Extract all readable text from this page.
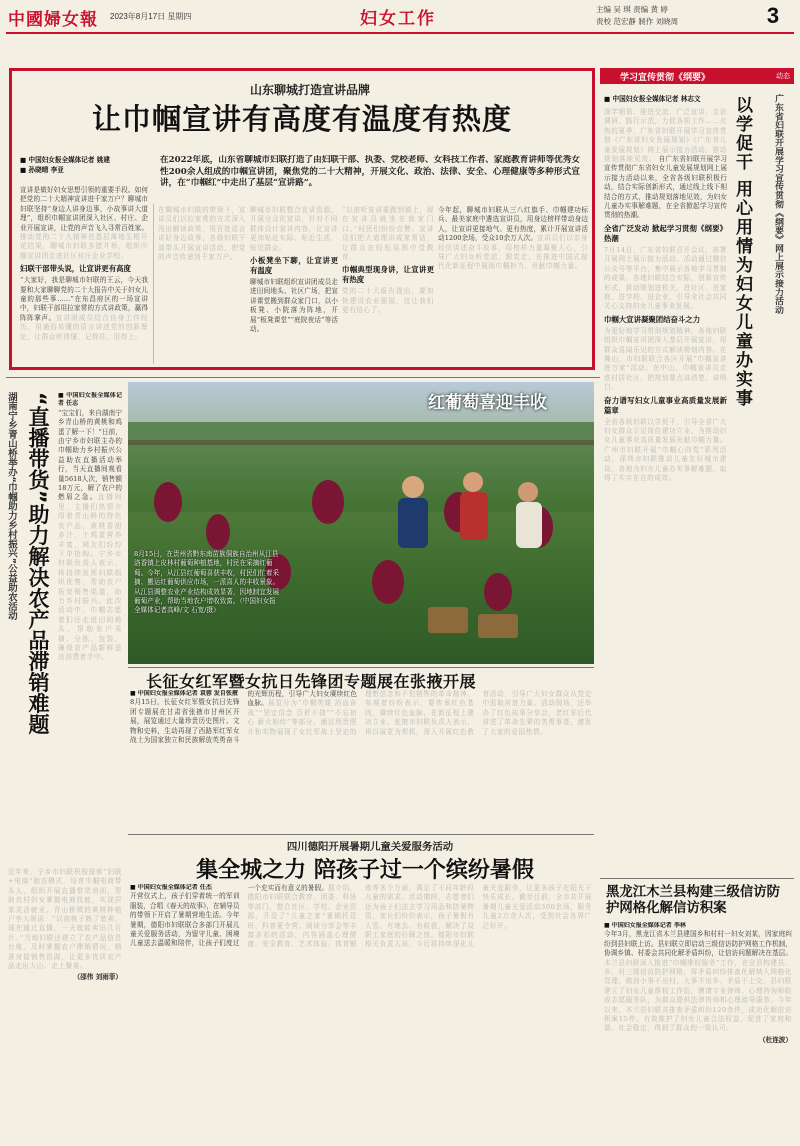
中國婦女報 2023年8月17日 星期四	妇女工作	主编 吴 琪 责编 黄 婷
责校 范宏静 制作 刘晓周	3
山东聊城打造宣讲品牌
让巾帼宣讲有高度有温度有热度
■ 中国妇女报全媒体记者 姚建
■ 孙晓晴 李亚
在2022年底，山东省聊城市妇联打造了由妇联干部、执委、党校老师、女科技工作者、家庭教育讲师等优秀女性200余人组成的巾帼宣讲团，聚焦党的二十大精神，开展文化、政治、法律、安全、心理健康等多种形式宣讲，在“巾帼红”中走出了基层“宣讲路”。
宣讲是做好妇女思想引领的重要手段。如何把党的二十大精神宣讲进千家万户？聊城市妇联坚持“身边人讲身边事，小故事讲大道理”，组织巾帼宣讲团深入社区、村庄、企业开展宣讲，让党的声音飞入寻常百姓家。推动党的二十大精神在基层落地生根开花结果，聊城市妇联多措并举，组织巾帼宣讲团走进社区村庄企业学校。
妇联干部带头说，让宣讲更有高度
“大家好，我是聊城市妇联的王云，今天我要和大家聊聊党的二十大报告中关于妇女儿童的那些事……”在东昌府区的一场宣讲中，妇联干部用拉家常的方式讲政策，赢得阵阵掌声。宣讲团成员结合自身工作经历，用通俗易懂的语言讲述党的创新理论，让群众听得懂、记得住、用得上。
在聊城市妇联的带领下，宣讲员们以拉家常的方式深入浅出解读政策，用百姓语言讲好身边故事，各级妇联干部带头开展宣讲活动，把党的声音传递到千家万户。
聊城市妇联整合宣讲资源，开展分众化宣讲，针对不同群体设计宣讲内容，让宣讲更加贴近实际、贴近生活、贴近群众。
小板凳坐下聊，让宣讲更有温度
聊城市妇联组织宣讲团成员走进田间地头、社区广场，把宣讲课堂搬到群众家门口，以小板凳、小院落为阵地，开展“板凳课堂”“庭院夜话”等活动。
“以前听宣讲要跑到镇上，现在宣讲员就坐在我家门口。”村民们纷纷点赞。宣讲员们把大道理讲成家常话，让群众在轻松氛围中受教育。
巾帼典型现身讲，让宣讲更有热度
党的二十大报告提出，要加快建设农业强国，这让我们更有信心了。
今年起，聊城市妇联从三八红旗手、巾帼建功标兵、最美家庭中遴选宣讲员，用身边榜样带动身边人，让宣讲更接地气、更有热度，累计开展宣讲活动1200余场，受众10余万人次。宣讲员们以亲身经历讲述奋斗故事，用榜样力量凝聚人心，引导广大妇女听党话、跟党走，在推进中国式现代化新征程中展现巾帼担当、贡献巾帼力量。
学习宣传贯彻《纲要》	动态
■ 中国妇女报全媒体记者 林志文	广东省妇联开展学习宣传贯彻《纲要》网上展示接力活动
以学促干 用心用情为妇女儿童办实事
深学细悟、推进交流、广泛宣讲，走访调研、践行示范，力促各项工作……火热的夏季，广东省妇联开展学习宣传贯彻《广东省妇女发展规划》《广东省儿童发展规划》网上展示接力活动，推动规划落地见效。 自广东省妇联开展学习宣传贯彻广东省妇女儿童发展规划网上展示接力活动以来，全省各级妇联积极行动，结合实际创新形式，通过线上线下相结合的方式，推动规划落地见效，为妇女儿童办实事解难题，在全省掀起学习宣传贯彻的热潮。
全省广泛发动 掀起学习贯彻《纲要》热潮
7月14日，广东省妇联召开会议，部署开展网上展示接力活动。活动通过微信公众号等平台，集中展示各地学习贯彻的成果。各地妇联结合实际，创新宣传形式，推动规划进机关、进社区、进家庭、进学校、进企业，引导全社会共同关心支持妇女儿童事业发展。
巾帼大宣讲凝聚团结奋斗之力
为更好地学习贯彻规划精神，各地妇联组织巾帼宣讲团深入基层开展宣讲，用群众喜闻乐见的方式解读规划内容。在佛山，市妇联联合各区开展“巾帼宣讲进万家”活动；在中山，巾帼宣讲员走进村居社区，把规划要点讲清楚、讲明白。
奋力谱写妇女儿童事业高质量发展新篇章
全省各级妇联以学促干，引导全省广大妇女群众立足岗位建功立业，为推动妇女儿童事业高质量发展贡献巾帼力量。广州市妇联开展“巾帼心向党”系列活动，深圳市妇联推动儿童友好城市建设，各地为妇女儿童办实事解难题，取得了实实在在的成效。
湖南宁乡青山桥举办“巾帼助力乡村振兴”公益助农活动 “直播带货”助力解决农产品滞销难题 ■ 中国妇女报全媒体记者 任志
“宝宝们，来自湖南宁乡青山桥的黄桃和鸡蛋了解一下！”日前，由宁乡市妇联主办的巾帼助力乡村振兴公益助农直播活动举行，当天直播间观看量5618人次，销售额18万元，解了农户的燃眉之急。直播间里，主播们热情介绍着青山桥的特色农产品，黄桃香甜多汁，土鸡蛋营养丰富，网友们纷纷下单抢购。宁乡市妇联负责人表示，将持续发挥妇联组织优势，帮助农户拓宽销售渠道，助力乡村振兴。此次活动中，巾帼志愿者们还走进田间地头，帮助农户采摘、分拣、包装，确保农产品新鲜送达消费者手中。
近年来，宁乡市妇联积极探索“妇联+电商”助农模式，培育巾帼电商带头人，组织开展直播带货培训，帮助农村妇女掌握电商技能，实现居家灵活就业。青山桥镇的黄桃种植户李大姐说：“以前桃子熟了愁卖，现在通过直播，一天就能卖出几百斤。”当地妇联还建立了农产品信息台账，及时掌握农户滞销情况，精准对接销售资源，让更多优质农产品走出大山、走上餐桌。
（邵伟 刘雨菲）
红葡萄喜迎丰收
8月15日，在贵州省黔东南苗族侗族自治州从江县洛香镇上皮林村葡萄种植基地，村民在采摘红葡萄。今年，从江县红葡萄喜获丰收，村民们忙着采摘、搬运红葡萄供应市场，一派喜人的丰收景象。从江县调整农业产业结构成效显著，因地制宜发展葡萄产业，帮助当地农户增收致富。（中国妇女报全媒体记者高峰/文 石宽/摄）
长征女红军暨女抗日先锋团专题展在张掖开展
■ 中国妇女报全媒体记者 袁蓉 发自张掖
8月15日，长征女红军暨女抗日先锋团专题展在甘肃省张掖市甘州区开展，展览通过大量珍贵历史图片、文物和史料，生动再现了西路军红军女战士为国家独立和民族解放英勇奋斗的光辉历程，引导广大妇女赓续红色血脉。展览分为“巾帼英雄 浴血奋战”“坚定信念 百折不挠”“不忘初心 薪火相传”等部分，通过珍贵照片和实物展现了女红军战士坚定的理想信念和不怕牺牲的革命精神。参观者纷纷表示，要传承红色基因，赓续红色血脉，在新征程上建功立业。张掖市妇联负责人表示，将以展览为契机，深入开展红色教育活动，引导广大妇女群众从党史中汲取奋进力量。活动现场，还举办了红色故事分享会，老红军后代讲述了革命先辈的英勇事迹，激发了大家的爱国热情。
四川德阳开展暑期儿童关爱服务活动
集全城之力 陪孩子过一个缤纷暑假
■ 中国妇女报全媒体记者 任杰
开营仪式上，孩子们穿着统一的军训服装，合唱《春天的故事》，在辅导员的带领下开启了暑期营地生活。今年暑期，德阳市妇联联合多部门开展儿童关爱服务活动，为留守儿童、困境儿童送去温暖和陪伴，让孩子们度过一个充实而有意义的暑假。据介绍，德阳市妇联联合教育、团委、科协等部门，整合社区、学校、企业资源，开设了“儿童之家”暑期托管班、科普夏令营、阅读分享会等丰富多彩的活动，内容涵盖心理健康、安全教育、艺术体验、体育锻炼等多个方面，满足了不同年龄段儿童的需求。活动期间，志愿者们还为孩子们送去学习用品和防暑物资，家长们纷纷表示，孩子暑假有人管、有地去、有收获，解决了双职工家庭的后顾之忧。德阳市妇联相关负责人说，今后将持续深化儿童关爱服务，让更多孩子在阳光下快乐成长。截至目前，全市共开展暑期儿童关爱活动300余场，服务儿童2万余人次，受到社会各界广泛好评。
黑龙江木兰县构建三级信访防护网格化解信访积案
■ 中国妇女报全媒体记者 李林
今年3月，黑龙江省木兰县建国乡和村村一妇女刘某，因家庭纠纷到县妇联上访。县妇联立即启动三级信访防护网格工作机制，协调乡镇、村委会共同化解矛盾纠纷，让信访问题解决在基层。木兰县妇联深入推进“巾帼维权服务”工作，在全县构建县、乡、村三级信访防护网格，将矛盾纠纷排查化解纳入网格化管理，做到小事不出村、大事不出乡、矛盾不上交。县妇联建立了妇女儿童维权工作站，聘请专业律师、心理咨询师组成志愿服务队，为群众提供法律咨询和心理疏导服务。今年以来，木兰县妇联共排查矛盾纠纷120余件，成功化解信访积案15件，有效维护了妇女儿童合法权益，促进了家庭和谐、社会稳定，得到了群众的一致认可。
（杜连波）
